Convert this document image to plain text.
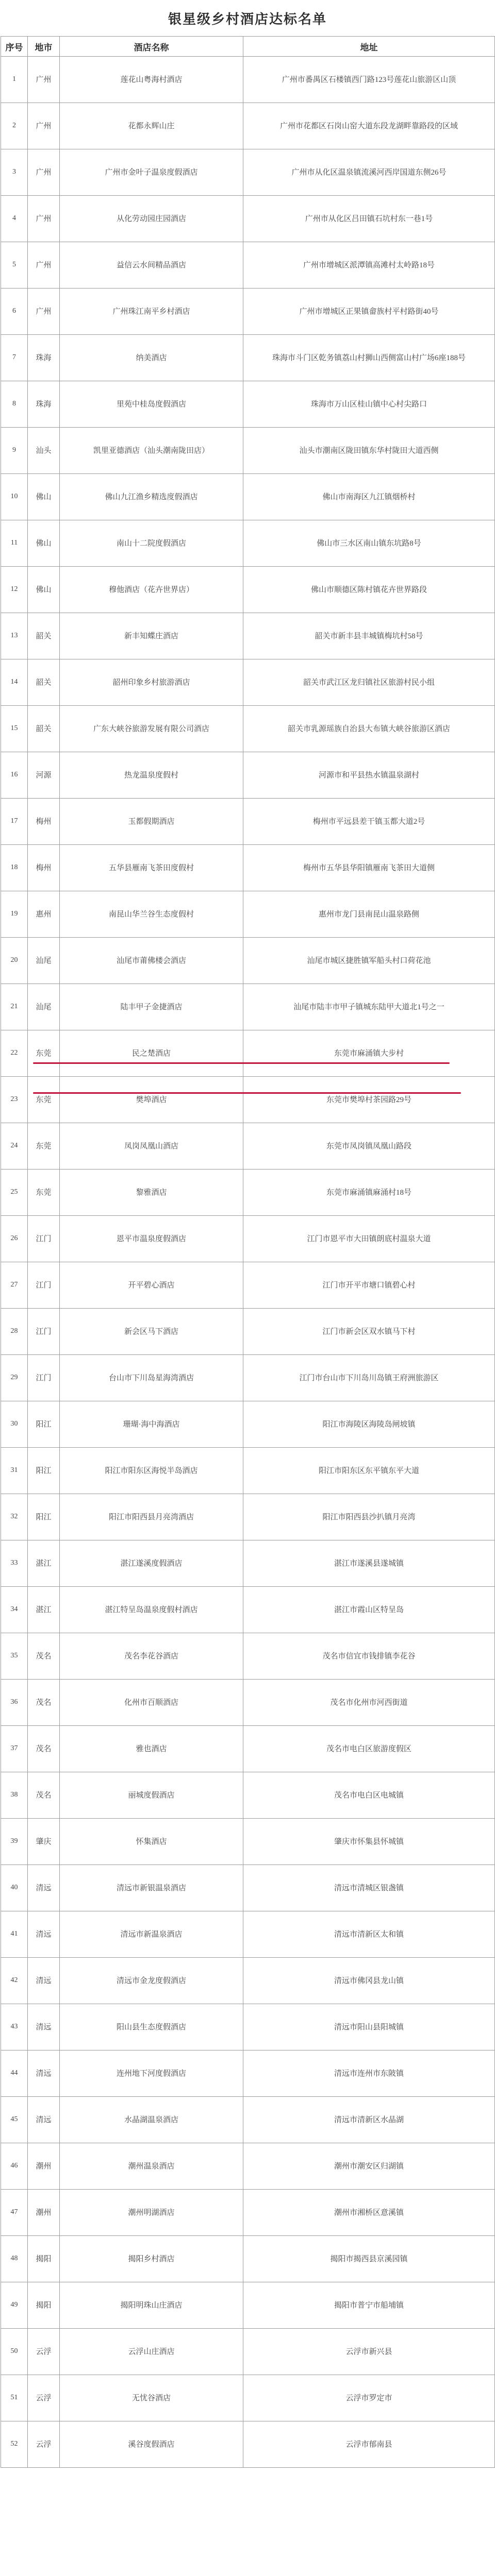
银星级乡村酒店达标名单
序号	地市	酒店名称	地址
1	广州	莲花山粤海村酒店	广州市番禺区石楼镇西门路123号莲花山旅游区山顶
2	广州	花都永辉山庄	广州市花都区石岗山窑大道东段龙湖畔靠路段的区域
3	广州	广州市金叶子温泉度假酒店	广州市从化区温泉镇流溪河西岸国道东侧26号
4	广州	从化劳动园庄园酒店	广州市从化区吕田镇石坑村东一巷1号
5	广州	益信云水间精品酒店	广州市增城区派潭镇高滩村太岭路18号
6	广州	广州珠江南平乡村酒店	广州市增城区正果镇畲族村平村路街40号
7	珠海	纳美酒店	珠海市斗门区乾务镇荔山村狮山西侧富山村广场6座188号
8	珠海	里苑中桂岛度假酒店	珠海市万山区桂山镇中心村尖路口
9	汕头	凯里亚德酒店（汕头潮南陇田店）	汕头市潮南区陇田镇东华村陇田大道西侧
10	佛山	佛山九江渔乡精选度假酒店	佛山市南海区九江镇烟桥村
11	佛山	南山十二院度假酒店	佛山市三水区南山镇东坑路8号
12	佛山	穆他酒店（花卉世界店）	佛山市顺德区陈村镇花卉世界路段
13	韶关	新丰知蝶庄酒店	韶关市新丰县丰城镇梅坑村58号
14	韶关	韶州印象乡村旅游酒店	韶关市武江区龙归镇社区旅游村民小组
15	韶关	广东大峡谷旅游发展有限公司酒店	韶关市乳源瑶族自治县大布镇大峡谷旅游区酒店
16	河源	热龙温泉度假村	河源市和平县热水镇温泉湖村
17	梅州	玉都假期酒店	梅州市平远县差干镇玉都大道2号
18	梅州	五华县雁南飞茶田度假村	梅州市五华县华阳镇雁南飞茶田大道侧
19	惠州	南昆山华兰谷生态度假村	惠州市龙门县南昆山温泉路侧
20	汕尾	汕尾市莆佛楼会酒店	汕尾市城区捷胜镇军船头村口荷花池
21	汕尾	陆丰甲子金捷酒店	汕尾市陆丰市甲子镇城东陆甲大道北1号之一
22	东莞	民之楚酒店	东莞市麻涌镇大步村
23	东莞	樊埠酒店	东莞市樊埠村茶园路29号
24	东莞	凤岗凤凰山酒店	东莞市凤岗镇凤凰山路段
25	东莞	黎雅酒店	东莞市麻涌镇麻涌村18号
26	江门	恩平市温泉度假酒店	江门市恩平市大田镇朗底村温泉大道
27	江门	开平碧心酒店	江门市开平市塘口镇碧心村
28	江门	新会区马下酒店	江门市新会区双水镇马下村
29	江门	台山市下川岛星海湾酒店	江门市台山市下川岛川岛镇王府洲旅游区
30	阳江	珊瑚·海中海酒店	阳江市海陵区海陵岛闸坡镇
31	阳江	阳江市阳东区海悦半岛酒店	阳江市阳东区东平镇东平大道
32	阳江	阳江市阳西县月亮湾酒店	阳江市阳西县沙扒镇月亮湾
33	湛江	湛江遂溪度假酒店	湛江市遂溪县遂城镇
34	湛江	湛江特呈岛温泉度假村酒店	湛江市霞山区特呈岛
35	茂名	茂名李花谷酒店	茂名市信宜市钱排镇李花谷
36	茂名	化州市百顺酒店	茂名市化州市河西街道
37	茂名	雅也酒店	茂名市电白区旅游度假区
38	茂名	丽城度假酒店	茂名市电白区电城镇
39	肇庆	怀集酒店	肇庆市怀集县怀城镇
40	清远	清远市新银温泉酒店	清远市清城区银盏镇
41	清远	清远市新温泉酒店	清远市清新区太和镇
42	清远	清远市金龙度假酒店	清远市佛冈县龙山镇
43	清远	阳山县生态度假酒店	清远市阳山县阳城镇
44	清远	连州地下河度假酒店	清远市连州市东陂镇
45	清远	水晶湖温泉酒店	清远市清新区水晶湖
46	潮州	潮州温泉酒店	潮州市潮安区归湖镇
47	潮州	潮州明湖酒店	潮州市湘桥区意溪镇
48	揭阳	揭阳乡村酒店	揭阳市揭西县京溪园镇
49	揭阳	揭阳明珠山庄酒店	揭阳市普宁市船埔镇
50	云浮	云浮山庄酒店	云浮市新兴县
51	云浮	无忧谷酒店	云浮市罗定市
52	云浮	溪谷度假酒店	云浮市郁南县
